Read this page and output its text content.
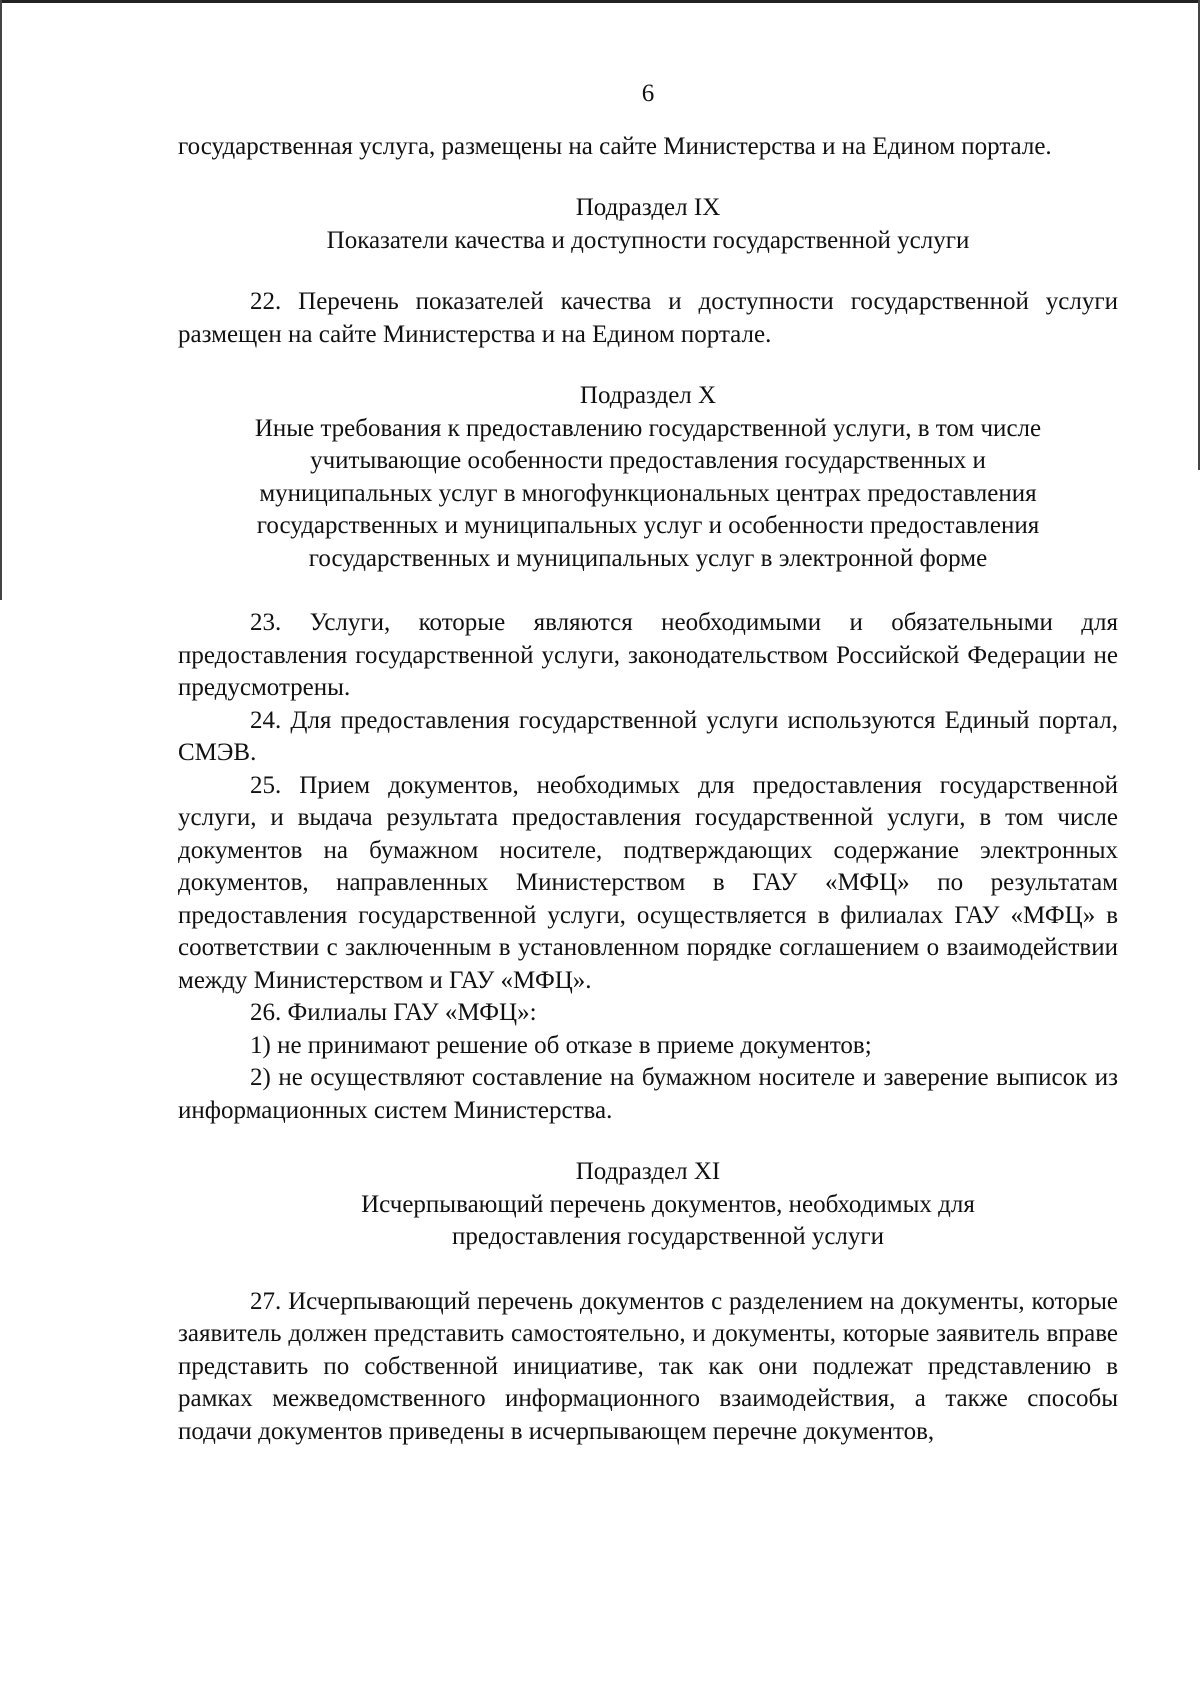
6

государственная услуга, размещены на сайте Министерства и на Едином портале.

Подраздел IX

Показатели качества и доступности государственной услуги

22. Перечень показателей качества и доступности государственной услуги размещен на сайте Министерства и на Едином портале.

Подраздел X

Иные требования к предоставлению государственной услуги, в том числе

учитывающие особенности предоставления государственных и

муниципальных услуг в многофункциональных центрах предоставления

государственных и муниципальных услуг и особенности предоставления

государственных и муниципальных услуг в электронной форме

23. Услуги, которые являются необходимыми и обязательными для предоставления государственной услуги, законодательством Российской Федерации не предусмотрены.

24. Для предоставления государственной услуги используются Единый портал, СМЭВ.

25. Прием документов, необходимых для предоставления государственной услуги, и выдача результата предоставления государственной услуги, в том числе документов на бумажном носителе, подтверждающих содержание электронных документов, направленных Министерством в ГАУ «МФЦ» по результатам предоставления государственной услуги, осуществляется в филиалах ГАУ «МФЦ» в соответствии с заключенным в установленном порядке соглашением о взаимодействии между Министерством и ГАУ «МФЦ».

26. Филиалы ГАУ «МФЦ»:

1) не принимают решение об отказе в приеме документов;

2) не осуществляют составление на бумажном носителе и заверение выписок из информационных систем Министерства.

Подраздел XI

Исчерпывающий перечень документов, необходимых для

предоставления государственной услуги

27. Исчерпывающий перечень документов с разделением на документы, которые заявитель должен представить самостоятельно, и документы, которые заявитель вправе представить по собственной инициативе, так как они подлежат представлению в рамках межведомственного информационного взаимодействия, а также способы подачи документов приведены в исчерпывающем перечне документов,
